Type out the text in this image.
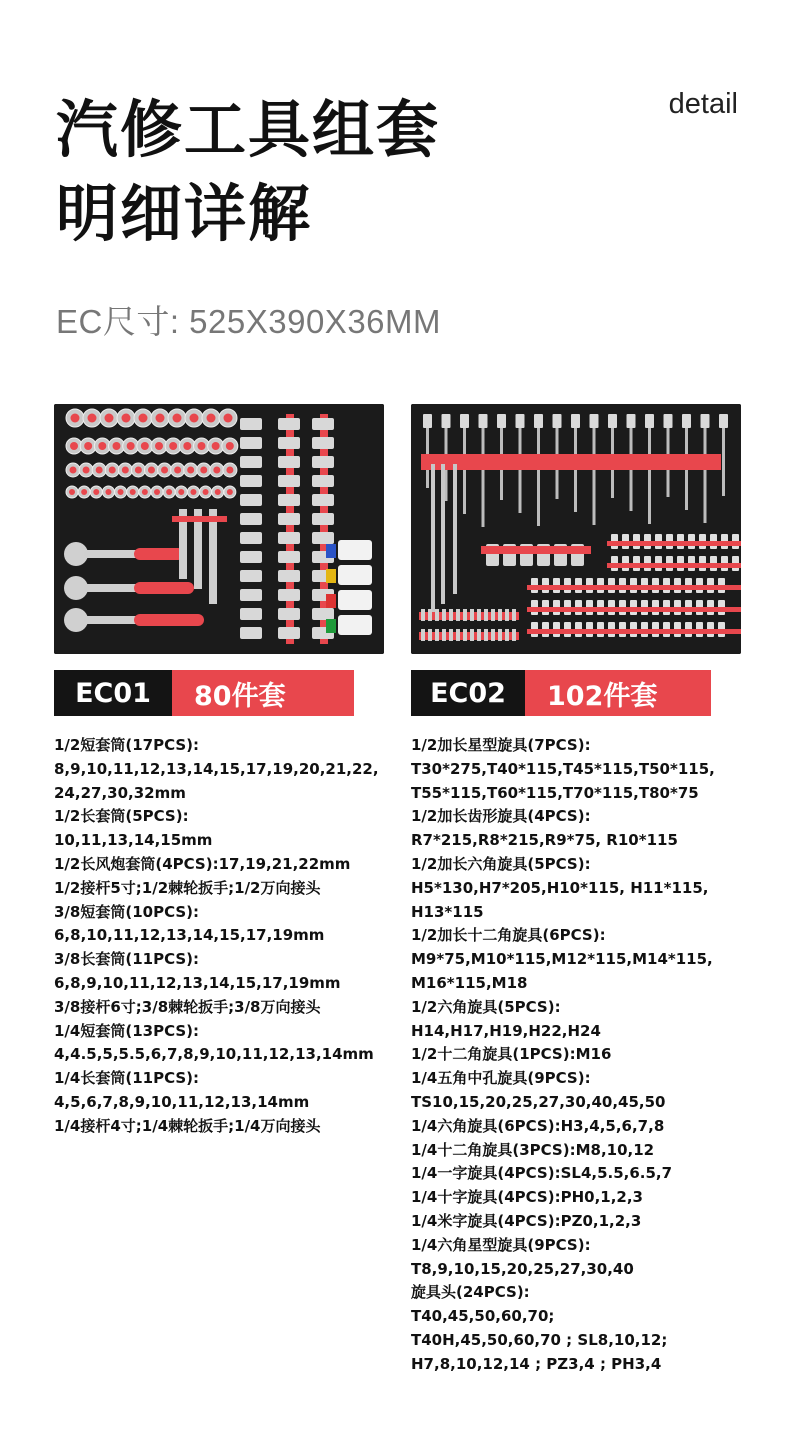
汽修工具组套
明细详解
detail
EC尺寸: 525X390X36MM
EC01	80件套	EC02	102件套
1/2短套筒(17PCS):
8,9,10,11,12,13,14,15,17,19,20,21,22,
24,27,30,32mm
1/2长套筒(5PCS):
10,11,13,14,15mm
1/2长风炮套筒(4PCS):17,19,21,22mm
1/2接杆5寸;1/2棘轮扳手;1/2万向接头
3/8短套筒(10PCS):
6,8,10,11,12,13,14,15,17,19mm
3/8长套筒(11PCS):
6,8,9,10,11,12,13,14,15,17,19mm
3/8接杆6寸;3/8棘轮扳手;3/8万向接头
1/4短套筒(13PCS):
4,4.5,5,5.5,6,7,8,9,10,11,12,13,14mm
1/4长套筒(11PCS):
4,5,6,7,8,9,10,11,12,13,14mm
1/4接杆4寸;1/4棘轮扳手;1/4万向接头
1/2加长星型旋具(7PCS):
T30*275,T40*115,T45*115,T50*115,
T55*115,T60*115,T70*115,T80*75
1/2加长齿形旋具(4PCS):
R7*215,R8*215,R9*75, R10*115
1/2加长六角旋具(5PCS):
H5*130,H7*205,H10*115, H11*115,
H13*115
1/2加长十二角旋具(6PCS):
M9*75,M10*115,M12*115,M14*115,
M16*115,M18
1/2六角旋具(5PCS):
H14,H17,H19,H22,H24
1/2十二角旋具(1PCS):M16
1/4五角中孔旋具(9PCS):
TS10,15,20,25,27,30,40,45,50
1/4六角旋具(6PCS):H3,4,5,6,7,8
1/4十二角旋具(3PCS):M8,10,12
1/4一字旋具(4PCS):SL4,5.5,6.5,7
1/4十字旋具(4PCS):PH0,1,2,3
1/4米字旋具(4PCS):PZ0,1,2,3
1/4六角星型旋具(9PCS):
T8,9,10,15,20,25,27,30,40
旋具头(24PCS):
T40,45,50,60,70;
T40H,45,50,60,70 ; SL8,10,12;
H7,8,10,12,14 ; PZ3,4 ; PH3,4
